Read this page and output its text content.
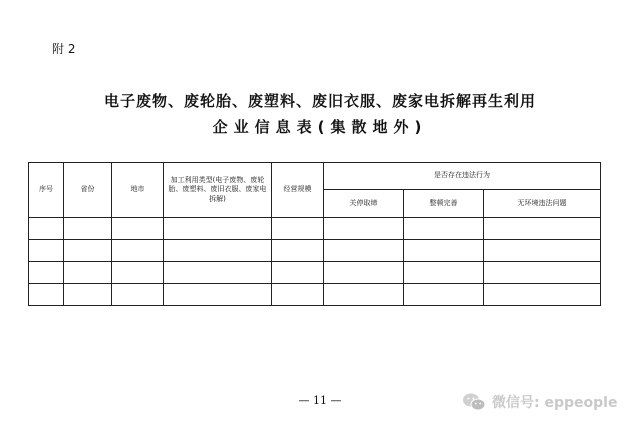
附 2
电子废物、废轮胎、废塑料、废旧衣服、废家电拆解再生利用
企业信息表(集散地外)
序号	省份	地市	加工利用类型(电子废物、废轮胎、废塑料、废旧衣服、废家电拆解)	经营规模	是否存在违法行为		
					关停取缔	整顿完善	无环境违法问题

— 11 —	微信号: eppeople
